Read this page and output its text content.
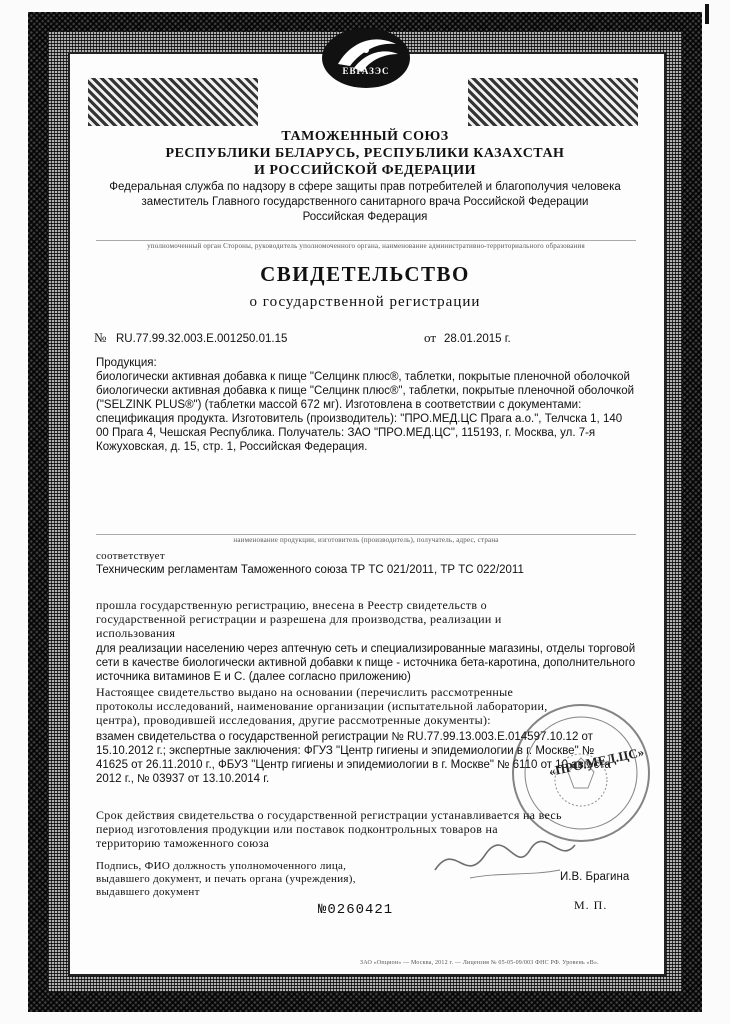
ЕВРАЗЭС
ТАМОЖЕННЫЙ СОЮЗ
РЕСПУБЛИКИ БЕЛАРУСЬ, РЕСПУБЛИКИ КАЗАХСТАН
И РОССИЙСКОЙ ФЕДЕРАЦИИ
Федеральная служба по надзору в сфере защиты прав потребителей и благополучия человека
заместитель Главного государственного санитарного врача Российской Федерации
Российская Федерация
уполномоченный орган Стороны, руководитель уполномоченного органа, наименование административно-территориального образования
СВИДЕТЕЛЬСТВО
о государственной регистрации
№ RU.77.99.32.003.E.001250.01.15	от 28.01.2015 г.
Продукция:
биологически активная добавка к пище "Селцинк плюс®, таблетки, покрытые пленочной оболочкой
биологически активная добавка к пище "Селцинк плюс®", таблетки, покрытые пленочной оболочкой
("SELZINK PLUS®") (таблетки массой 672 мг). Изготовлена в соответствии с документами:
спецификация продукта. Изготовитель (производитель): "ПРО.МЕД.ЦС Прага а.о.", Телчска 1, 140
00 Прага 4, Чешская Республика. Получатель: ЗАО "ПРО.МЕД.ЦС", 115193, г. Москва, ул. 7-я
Кожуховская, д. 15, стр. 1, Российская Федерация.
наименование продукции, изготовитель (производитель), получатель, адрес, страна
соответствует
Техническим регламентам Таможенного союза ТР ТС 021/2011, ТР ТС 022/2011
прошла государственную регистрацию, внесена в Реестр свидетельств о
государственной регистрации и разрешена для производства, реализации и
использования
для реализации населению через аптечную сеть и специализированные магазины, отделы торговой
сети в качестве биологически активной добавки к пище - источника бета-каротина, дополнительного
источника витаминов Е и С. (далее согласно приложению)
Настоящее свидетельство выдано на основании (перечислить рассмотренные
протоколы исследований, наименование организации (испытательной лаборатории,
центра), проводившей исследования, другие рассмотренные документы):
взамен свидетельства о государственной регистрации № RU.77.99.13.003.Е.014597.10.12 от
15.10.2012 г.; экспертные заключения: ФГУЗ "Центр гигиены и эпидемиологии в г. Москве" №
41625 от 26.11.2010 г., ФБУЗ "Центр гигиены и эпидемиологии в г. Москве" № 6110 от 10 августа
2012 г., № 03937 от 13.10.2014 г.
Срок действия свидетельства о государственной регистрации устанавливается на весь
период изготовления продукции или поставок подконтрольных товаров на
территорию таможенного союза
Подпись, ФИО должность уполномоченного лица,
выдавшего документ, и печать органа (учреждения),
выдавшего документ
«ПРО.МЕД.ЦС»
И.В. Брагина
№0260421	М. П.
ЗАО «Опцион» — Москва, 2012 г. — Лицензия № 05-05-09/003 ФНС РФ. Уровень «В».
